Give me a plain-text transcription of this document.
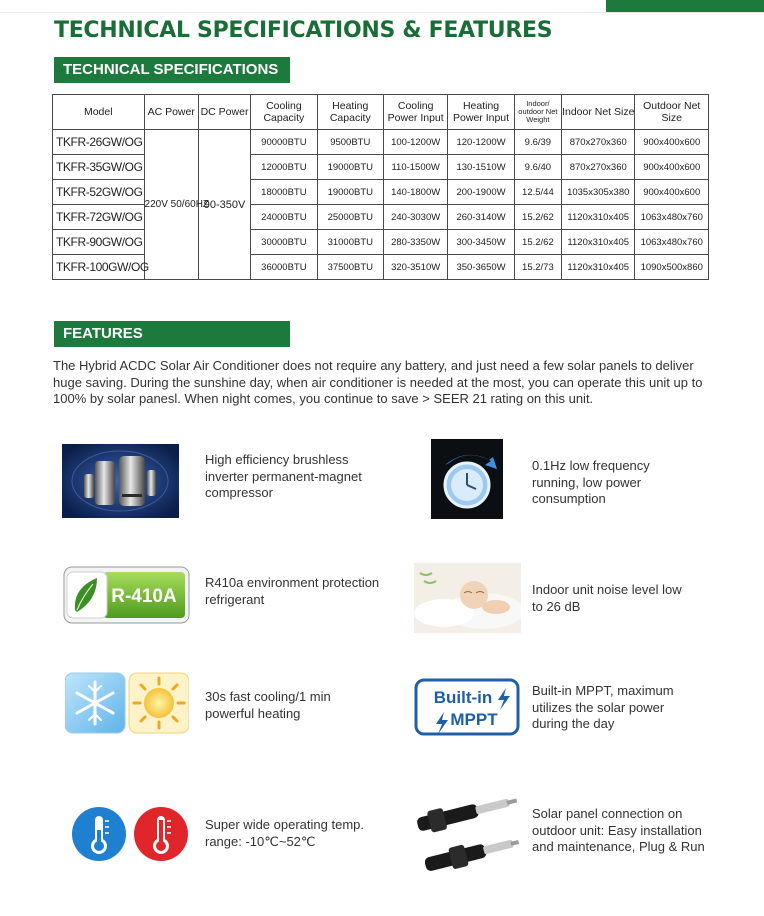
TECHNICAL SPECIFICATIONS & FEATURES
TECHNICAL SPECIFICATIONS
Model	AC Power	DC Power	Cooling Capacity	Heating Capacity	Cooling Power Input	Heating Power Input	Indoor/ outdoor Net Weight	Indoor Net Size	Outdoor Net Size
TKFR-26GW/OG	220V 50/60HZ	90-350V	90000BTU	9500BTU	100-1200W	120-1200W	9.6/39	870x270x360	900x400x600
TKFR-35GW/OG			12000BTU	19000BTU	110-1500W	130-1510W	9.6/40	870x270x360	900x400x600
TKFR-52GW/OG			18000BTU	19000BTU	140-1800W	200-1900W	12.5/44	1035x305x380	900x400x600
TKFR-72GW/OG			24000BTU	25000BTU	240-3030W	260-3140W	15.2/62	1120x310x405	1063x480x760
TKFR-90GW/OG			30000BTU	31000BTU	280-3350W	300-3450W	15.2/62	1120x310x405	1063x480x760
TKFR-100GW/OG			36000BTU	37500BTU	320-3510W	350-3650W	15.2/73	1120x310x405	1090x500x860
FEATURES

The Hybrid ACDC Solar Air Conditioner does not require any battery, and just need a few solar panels to deliver huge saving. During the sunshine day, when air conditioner is needed at the most, you can operate this unit up to 100% by solar panesl. When night comes, you continue to save > SEER 21 rating on this unit.

High efficiency brushless inverter permanent-magnet compressor
0.1Hz low frequency running, low power consumption
R-410A
R410a environment protection refrigerant
Indoor unit noise level low to 26 dB
30s fast cooling/1 min powerful heating
Built-in
MPPT
Built-in MPPT, maximum utilizes the solar power during the day
Super wide operating temp. range: -10℃~52℃
Solar panel connection on outdoor unit: Easy installation and maintenance, Plug & Run
